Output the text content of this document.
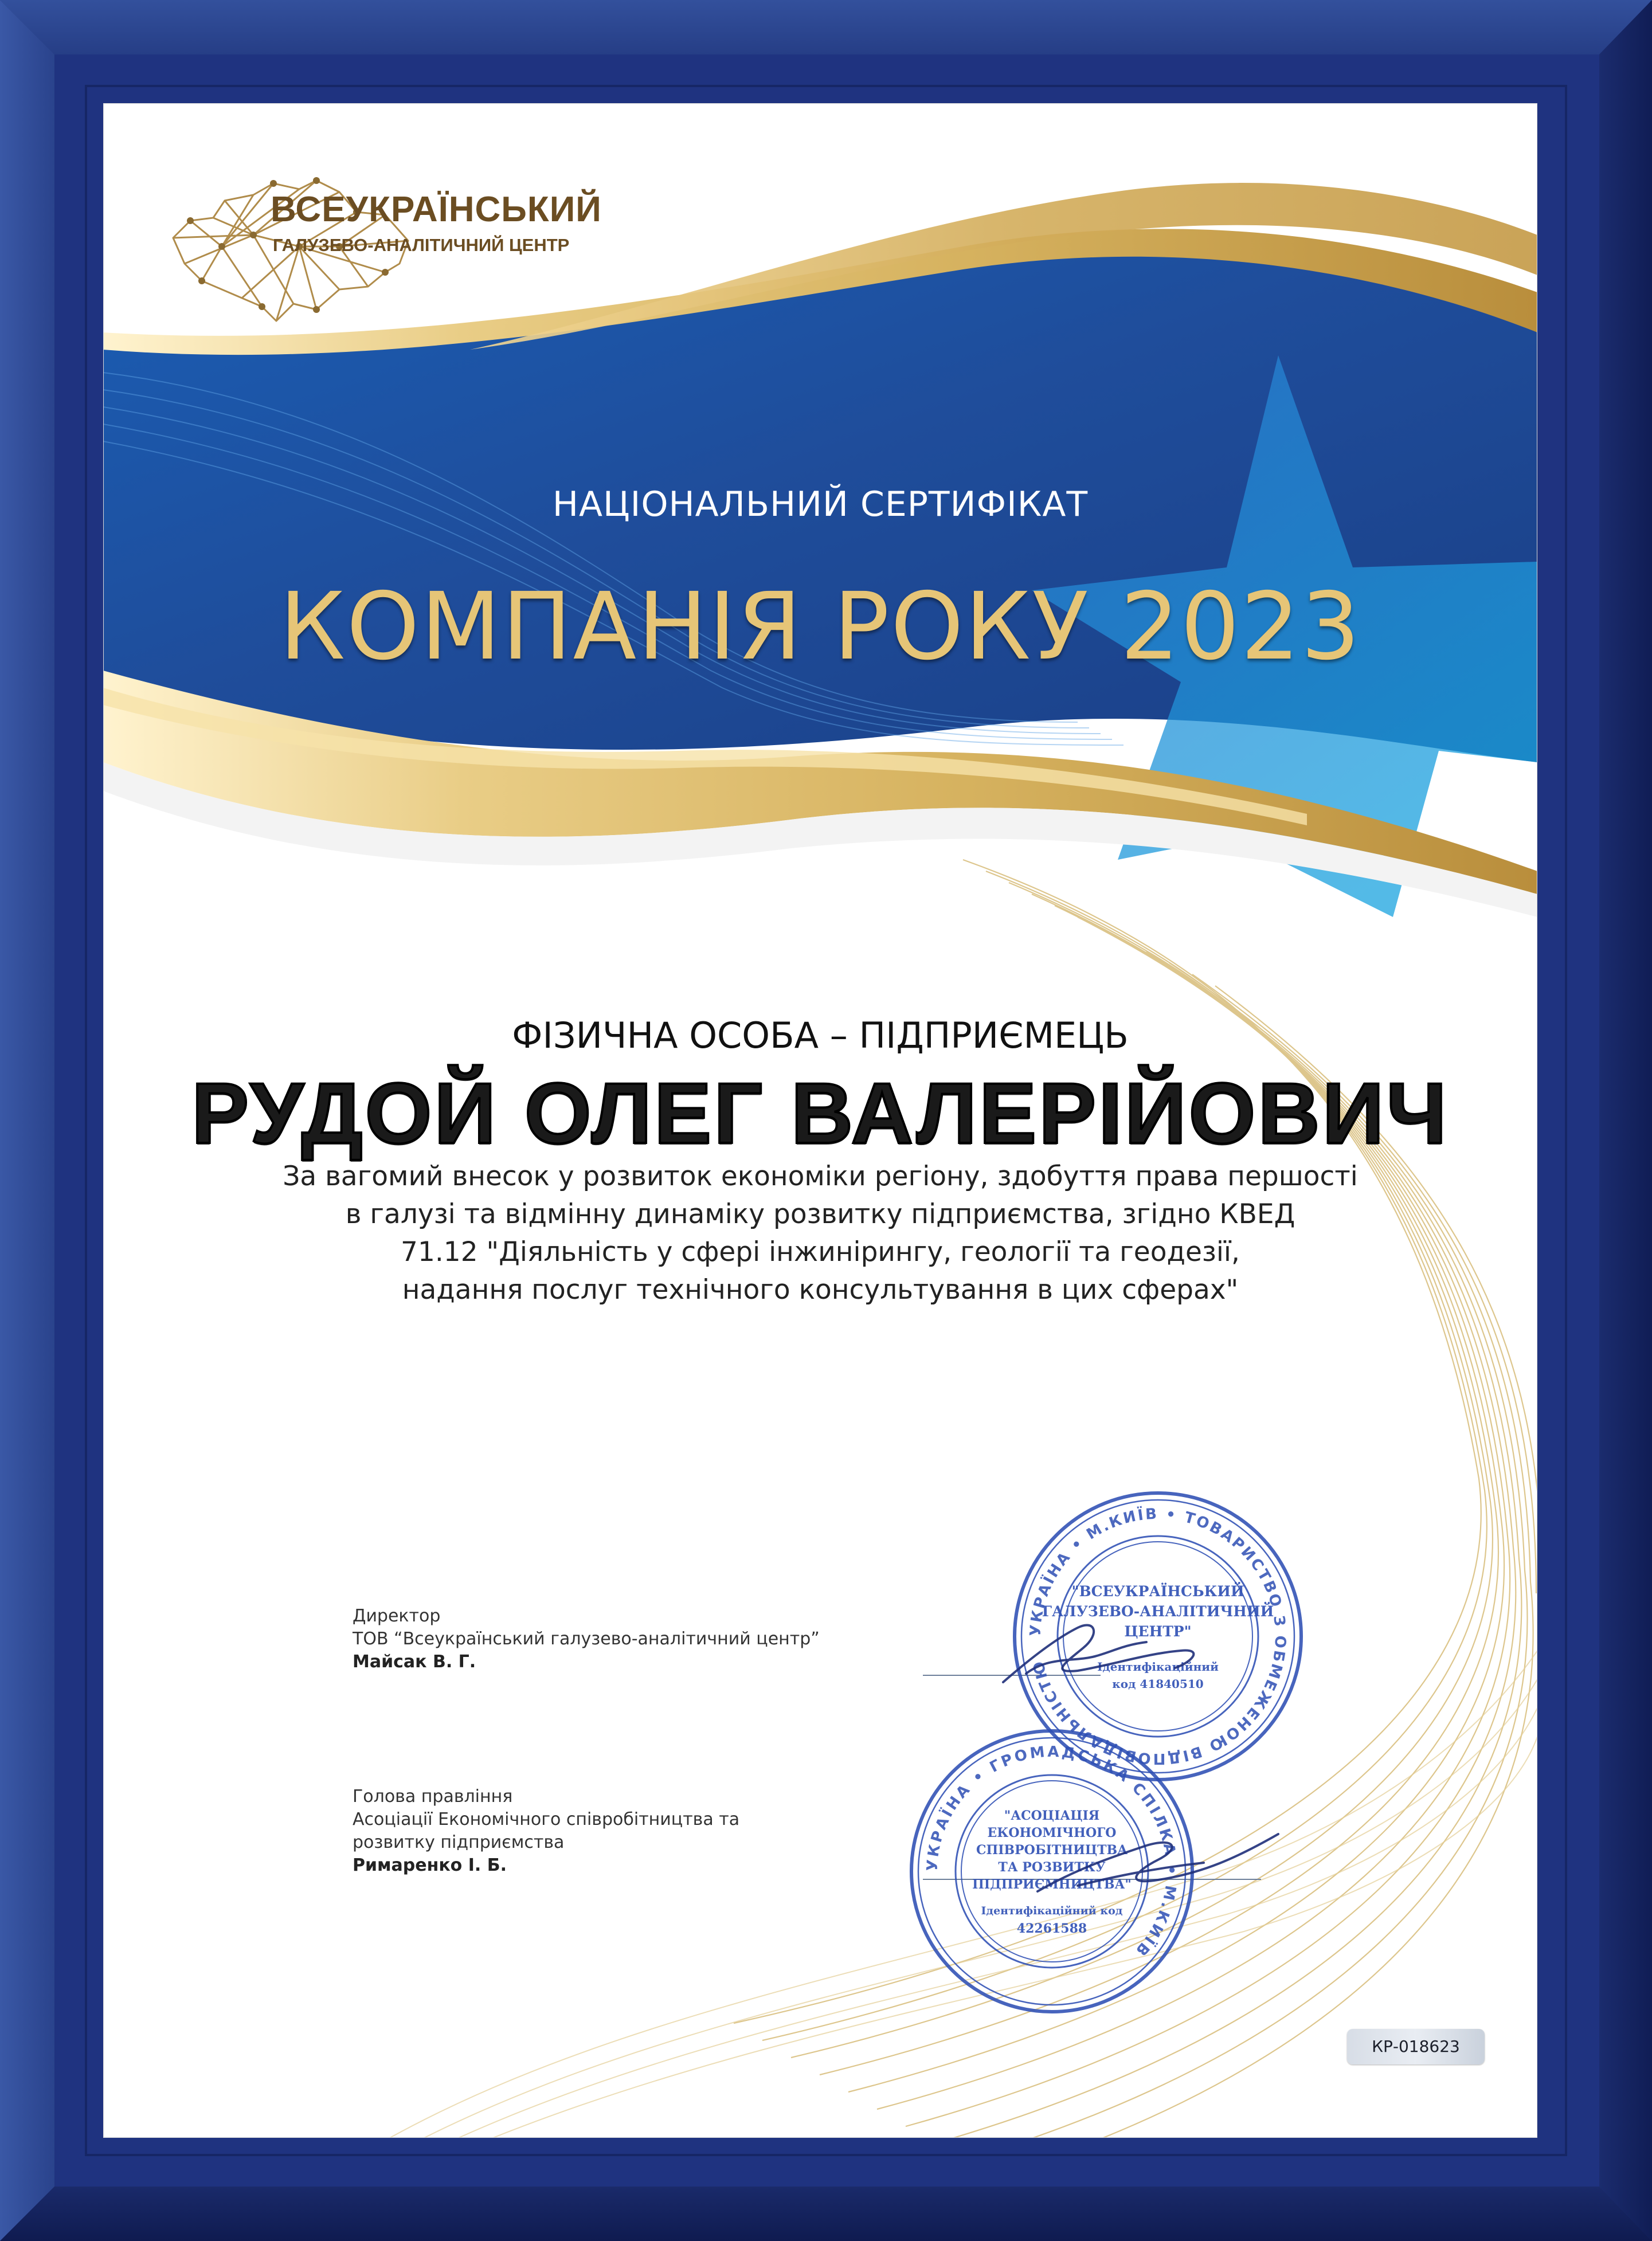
ВСЕУКРАЇНСЬКИЙ
ГАЛУЗЕВО-АНАЛІТИЧНИЙ ЦЕНТР
НАЦІОНАЛЬНИЙ СЕРТИФІКАТ
КОМПАНІЯ РОКУ 2023
ФІЗИЧНА ОСОБА – ПІДПРИЄМЕЦЬ
РУДОЙ ОЛЕГ ВАЛЕРІЙОВИЧ
За вагомий внесок у розвиток економіки регіону, здобуття права першості
в галузі та відмінну динаміку розвитку підприємства, згідно КВЕД
71.12 "Діяльність у сфері інжинірингу, геології та геодезії,
надання послуг технічного консультування в цих сферах"
Директор
ТОВ “Всеукраїнський галузево-аналітичний центр”
Майсак В. Г.
Голова правління
Асоціації Економічного співробітництва та
розвитку підприємства
Римаренко І. Б.
УКРАЇНА • М.КИЇВ • ТОВАРИСТВО З ОБМЕЖЕНОЮ ВІДПОВІДАЛЬНІСТЮ
"ВСЕУКРАЇНСЬКИЙ
ГАЛУЗЕВО-АНАЛІТИЧНИЙ
ЦЕНТР"
Ідентифікаційний
код 41840510
УКРАЇНА • ГРОМАДСЬКА СПІЛКА • М.КИЇВ
"АСОЦІАЦІЯ
ЕКОНОМІЧНОГО
СПІВРОБІТНИЦТВА
ТА РОЗВИТКУ
ПІДПРИЄМНИЦТВА"
Ідентифікаційний код
42261588
КР-018623
